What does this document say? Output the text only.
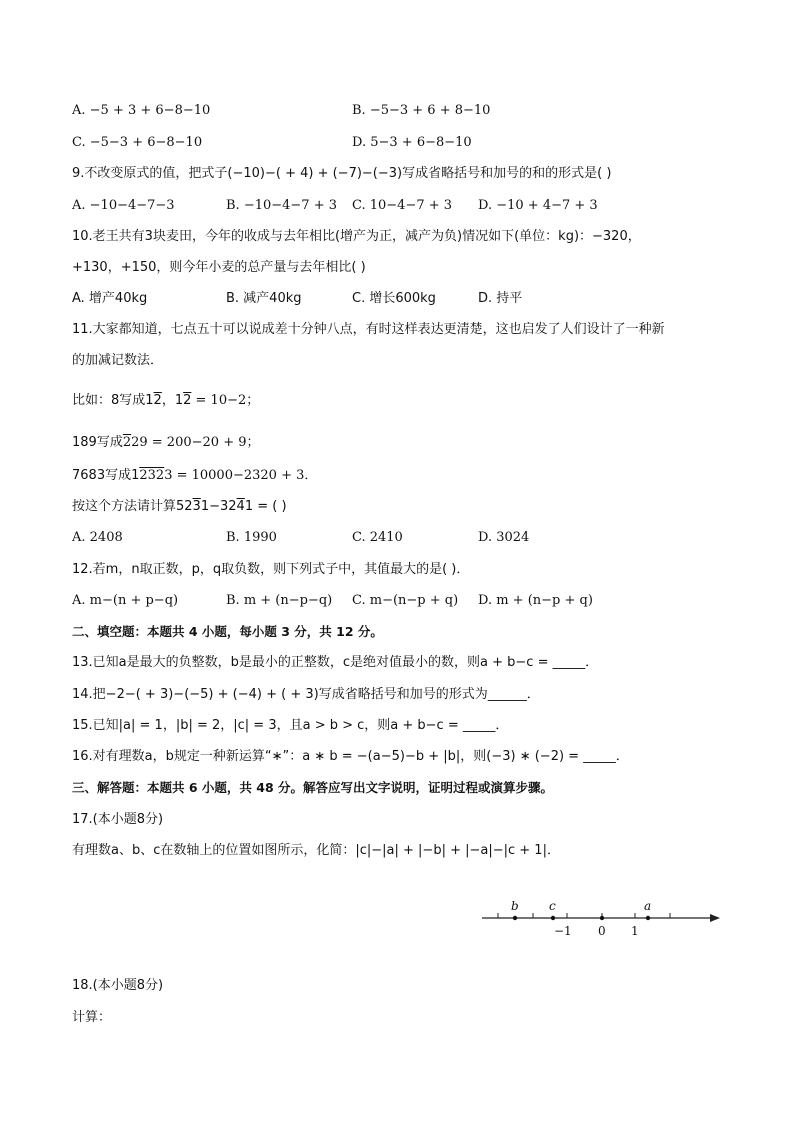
A. −5 + 3 + 6−8−10	B. −5−3 + 6 + 8−10
C. −5−3 + 6−8−10	D. 5−3 + 6−8−10
9.不改变原式的值，把式子(−10)−( + 4) + (−7)−(−3)写成省略括号和加号的和的形式是( )
A. −10−4−7−3	B. −10−4−7 + 3 C. 10−4−7 + 3 D. −10 + 4−7 + 3
10.老王共有3块麦田，今年的收成与去年相比(增产为正，减产为负)情况如下(单位：kg)：−320，
+130，+150，则今年小麦的总产量与去年相比( )
A. 增产40kg	B. 减产40kg	C. 增长600kg	D. 持平
11.大家都知道，七点五十可以说成差十分钟八点，有时这样表达更清楚，这也启发了人们设计了一种新
的加减记数法．
比如：8写成12，12 = 10−2；
189写成229 = 200−20 + 9；
7683写成12323 = 10000−2320 + 3．
按这个方法请计算5231−3241 = ( )
A. 2408	B. 1990	C. 2410	D. 3024
12.若m，n取正数，p，q取负数，则下列式子中，其值最大的是( )．
A. m−(n + p−q)	B. m + (n−p−q) C. m−(n−p + q) D. m + (n−p + q)
二、填空题：本题共 4 小题，每小题 3 分，共 12 分。
13.已知a是最大的负整数，b是最小的正整数，c是绝对值最小的数，则a + b−c = _____．
14.把−2−( + 3)−(−5) + (−4) + ( + 3)写成省略括号和加号的形式为______．
15.已知|a| = 1，|b| = 2，|c| = 3，且a > b > c，则a + b−c = _____．
16.对有理数a，b规定一种新运算“∗”：a ∗ b = −(a−5)−b + |b|，则(−3) ∗ (−2) = _____．
三、解答题：本题共 6 小题，共 48 分。解答应写出文字说明，证明过程或演算步骤。
17.(本小题8分)
有理数a、b、c在数轴上的位置如图所示，化简：|c|−|a| + |−b| + |−a|−|c + 1|．
b	c	a
−1 0 1
18.(本小题8分)
计算：
